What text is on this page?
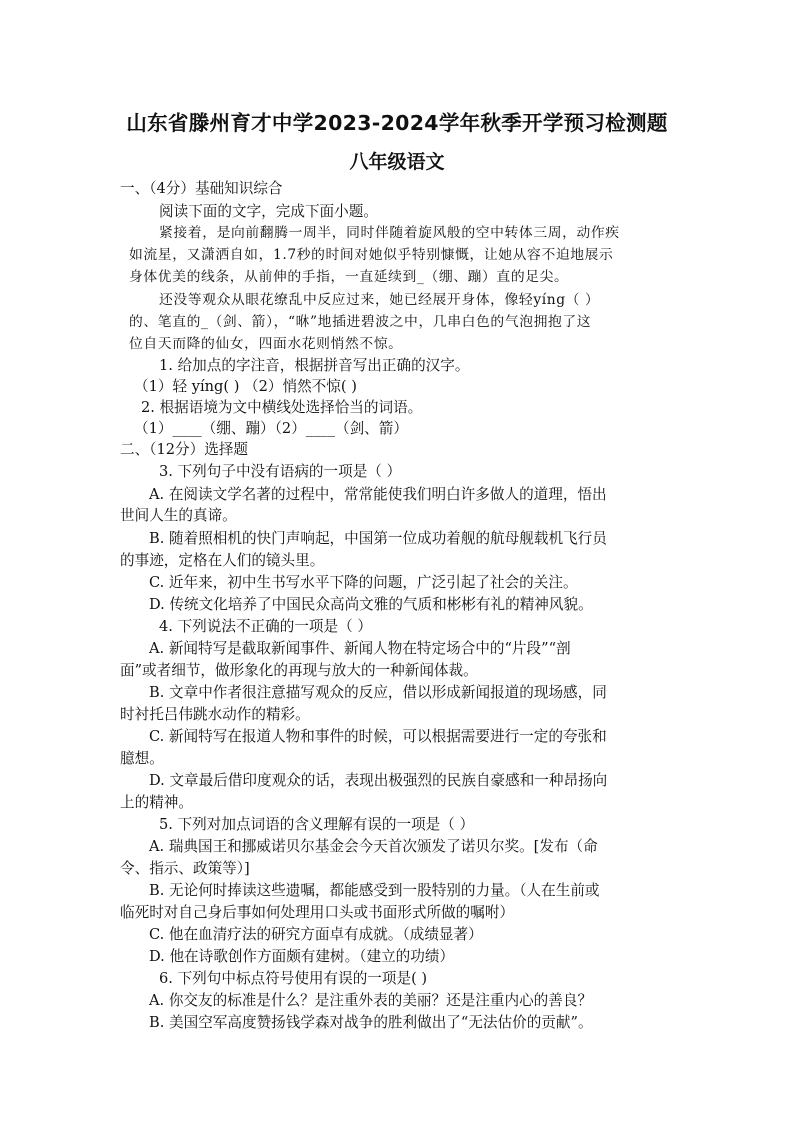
山东省滕州育才中学2023-2024学年秋季开学预习检测题
八年级语文
一、（4分）基础知识综合
阅读下面的文字，完成下面小题。
紧接着，是向前翻腾一周半，同时伴随着旋风般的空中转体三周，动作疾
如流星，又潇洒自如，1.7秒的时间对她似乎特别慷慨，让她从容不迫地展示
身体优美的线条，从前伸的手指，一直延续到_（绷、蹦）直的足尖。
还没等观众从眼花缭乱中反应过来，她已经展开身体，像轻yíng（ ）
的、笔直的_（剑、箭），“咻”地插进碧波之中，几串白色的气泡拥抱了这
位自天而降的仙女，四面水花则悄然不惊。
1. 给加点的字注音，根据拼音写出正确的汉字。
（1）轻 yíng( ) （2）悄然不惊( )
2. 根据语境为文中横线处选择恰当的词语。
（1）____（绷、蹦）（2）____（剑、箭）
二、（12分）选择题
3. 下列句子中没有语病的一项是（ ）
A. 在阅读文学名著的过程中，常常能使我们明白许多做人的道理，悟出
世间人生的真谛。
B. 随着照相机的快门声响起，中国第一位成功着舰的航母舰载机飞行员
的事迹，定格在人们的镜头里。
C. 近年来，初中生书写水平下降的问题，广泛引起了社会的关注。
D. 传统文化培养了中国民众高尚文雅的气质和彬彬有礼的精神风貌。
4. 下列说法不正确的一项是（ ）
A. 新闻特写是截取新闻事件、新闻人物在特定场合中的“片段”“剖
面”或者细节，做形象化的再现与放大的一种新闻体裁。
B. 文章中作者很注意描写观众的反应，借以形成新闻报道的现场感，同
时衬托吕伟跳水动作的精彩。
C. 新闻特写在报道人物和事件的时候，可以根据需要进行一定的夸张和
臆想。
D. 文章最后借印度观众的话，表现出极强烈的民族自豪感和一种昂扬向
上的精神。
5. 下列对加点词语的含义理解有误的一项是（ ）
A. 瑞典国王和挪威诺贝尔基金会今天首次颁发了诺贝尔奖。[发布（命
令、指示、政策等）]
B. 无论何时捧读这些遗嘱，都能感受到一股特别的力量。（人在生前或
临死时对自己身后事如何处理用口头或书面形式所做的嘱咐）
C. 他在血清疗法的研究方面卓有成就。（成绩显著）
D. 他在诗歌创作方面颇有建树。（建立的功绩）
6. 下列句中标点符号使用有误的一项是( )
A. 你交友的标准是什么？是注重外表的美丽？还是注重内心的善良？
B. 美国空军高度赞扬钱学森对战争的胜利做出了“无法估价的贡献”。
